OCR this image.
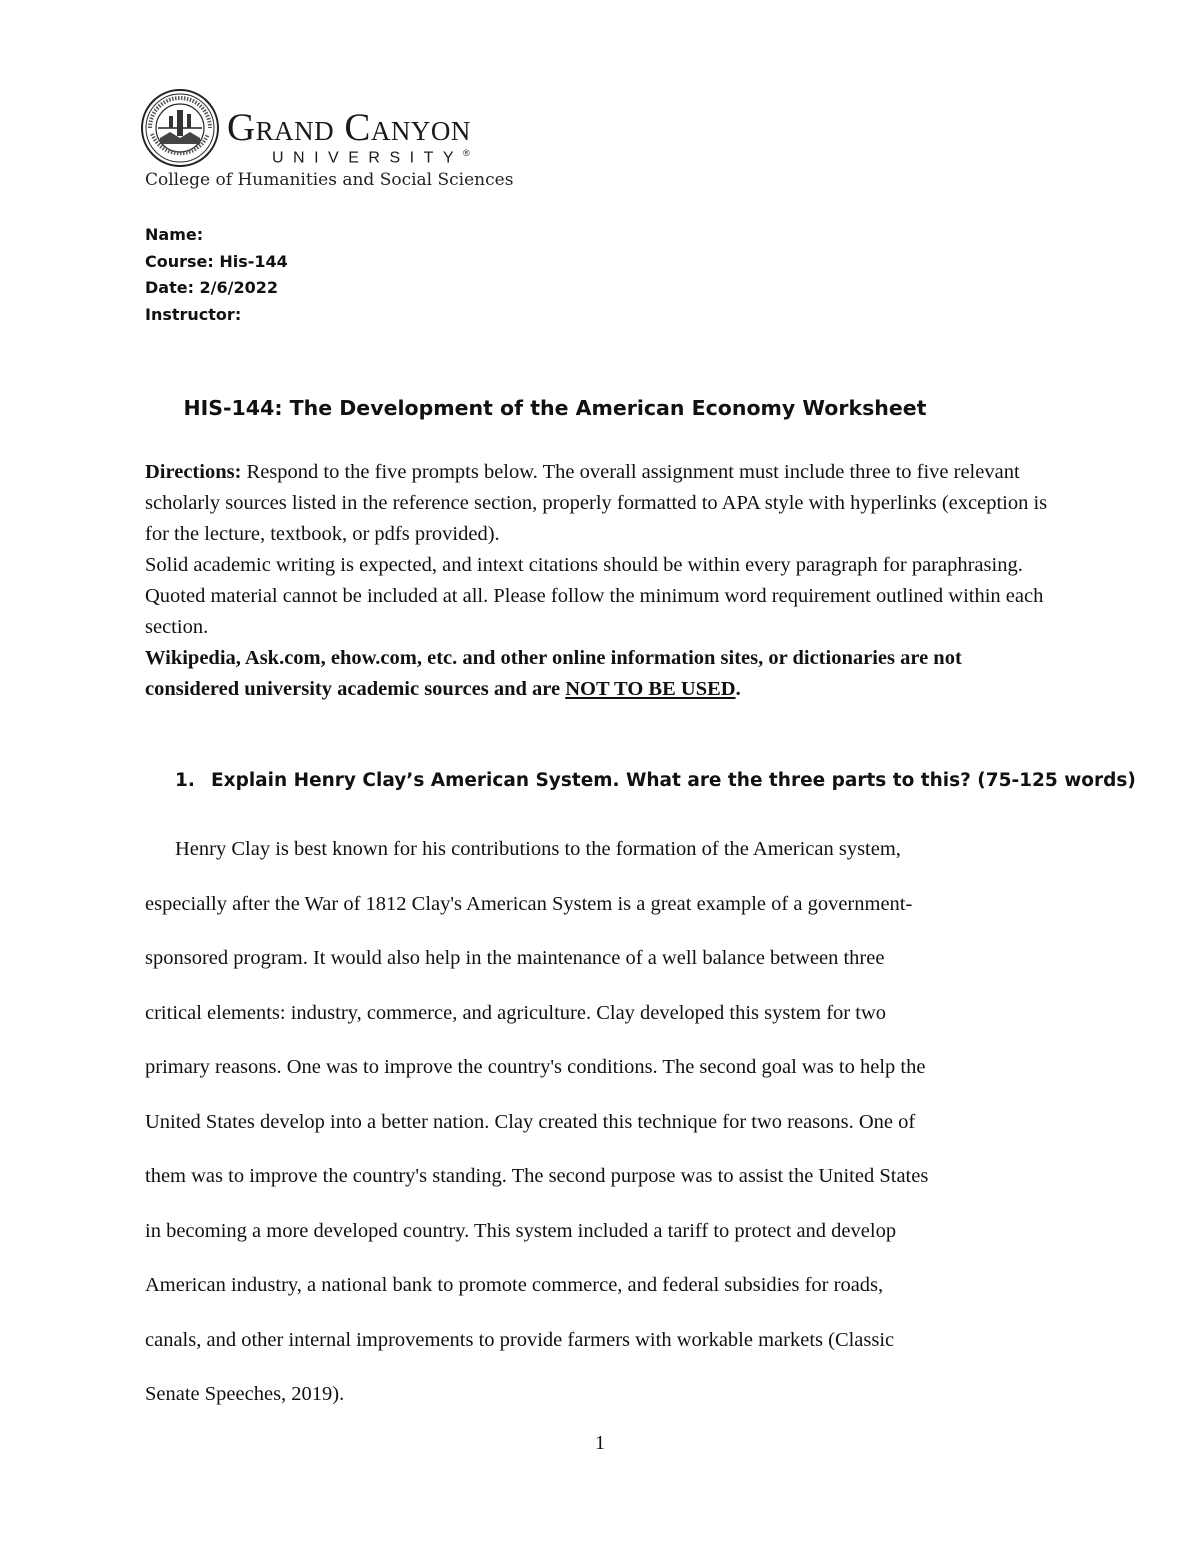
Grand Canyon
UNIVERSITY®
College of Humanities and Social Sciences
Name:
Course: His-144
Date: 2/6/2022
Instructor:
HIS-144: The Development of the American Economy Worksheet

Directions: Respond to the five prompts below. The overall assignment must include three to five relevant scholarly sources listed in the reference section, properly formatted to APA style with hyperlinks (exception is for the lecture, textbook, or pdfs provided).

Solid academic writing is expected, and intext citations should be within every paragraph for paraphrasing. Quoted material cannot be included at all. Please follow the minimum word requirement outlined within each section.

Wikipedia, Ask.com, ehow.com, etc. and other online information sites, or dictionaries are not considered university academic sources and are NOT TO BE USED.

1. Explain Henry Clay’s American System. What are the three parts to this? (75-125 words)
Henry Clay is best known for his contributions to the formation of the American system,
especially after the War of 1812 Clay's American System is a great example of a government-
sponsored program. It would also help in the maintenance of a well balance between three
critical elements: industry, commerce, and agriculture. Clay developed this system for two
primary reasons. One was to improve the country's conditions. The second goal was to help the
United States develop into a better nation. Clay created this technique for two reasons. One of
them was to improve the country's standing. The second purpose was to assist the United States
in becoming a more developed country. This system included a tariff to protect and develop
American industry, a national bank to promote commerce, and federal subsidies for roads,
canals, and other internal improvements to provide farmers with workable markets (Classic
Senate Speeches, 2019).
1
